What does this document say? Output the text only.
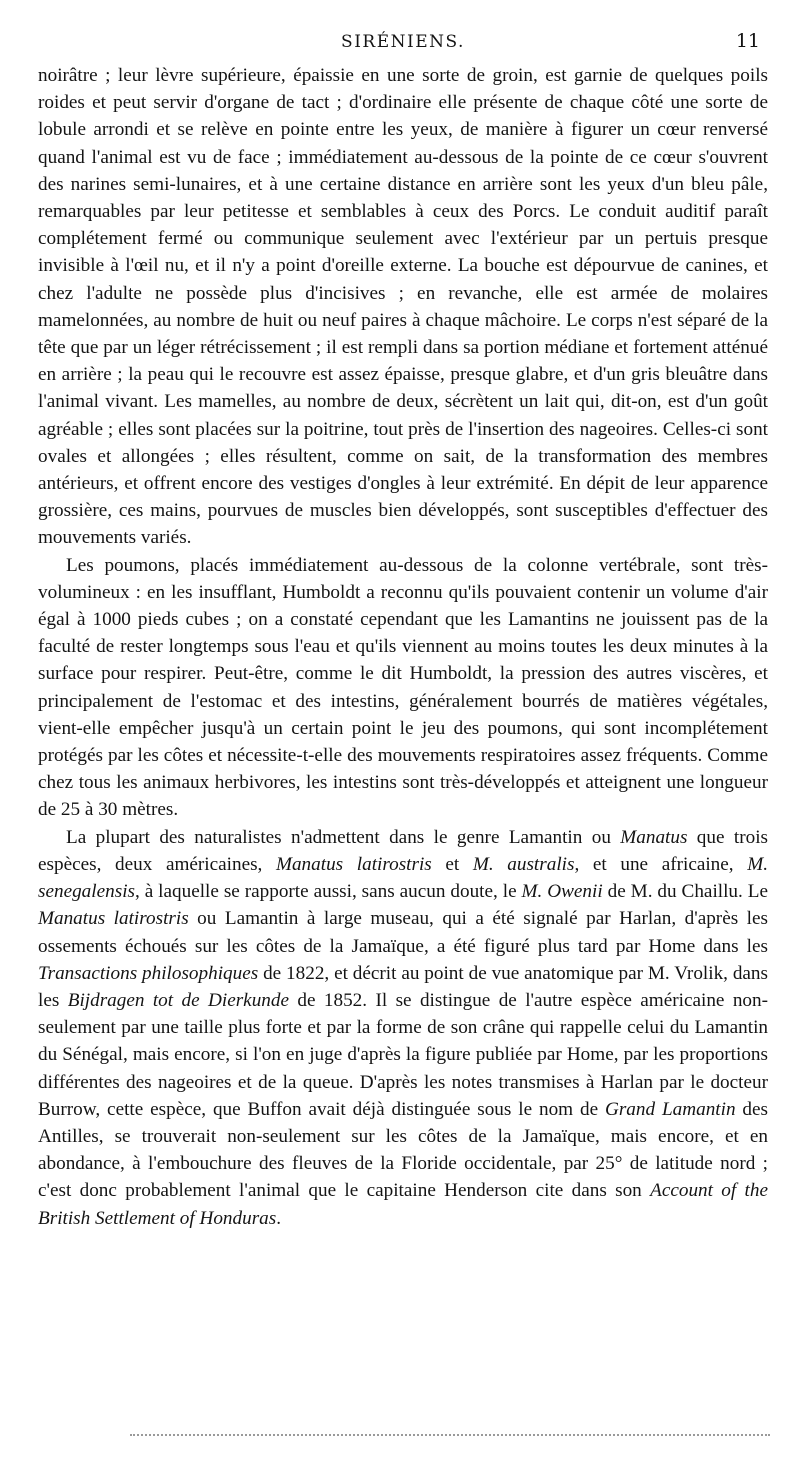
SIRÉNIENS.	11

noirâtre ; leur lèvre supérieure, épaissie en une sorte de groin, est garnie de quelques poils roides et peut servir d'organe de tact ; d'ordinaire elle présente de chaque côté une sorte de lobule arrondi et se relève en pointe entre les yeux, de manière à figurer un cœur renversé quand l'animal est vu de face ; immédiatement au-dessous de la pointe de ce cœur s'ouvrent des narines semi-lunaires, et à une certaine distance en arrière sont les yeux d'un bleu pâle, remarquables par leur petitesse et semblables à ceux des Porcs. Le conduit auditif paraît complétement fermé ou communique seulement avec l'extérieur par un pertuis presque invisible à l'œil nu, et il n'y a point d'oreille externe. La bouche est dépourvue de canines, et chez l'adulte ne possède plus d'incisives ; en revanche, elle est armée de molaires mamelonnées, au nombre de huit ou neuf paires à chaque mâchoire. Le corps n'est séparé de la tête que par un léger rétrécissement ; il est rempli dans sa portion médiane et fortement atténué en arrière ; la peau qui le recouvre est assez épaisse, presque glabre, et d'un gris bleuâtre dans l'animal vivant. Les mamelles, au nombre de deux, sécrètent un lait qui, dit-on, est d'un goût agréable ; elles sont placées sur la poitrine, tout près de l'insertion des nageoires. Celles-ci sont ovales et allongées ; elles résultent, comme on sait, de la transformation des membres antérieurs, et offrent encore des vestiges d'ongles à leur extrémité. En dépit de leur apparence grossière, ces mains, pourvues de muscles bien développés, sont susceptibles d'effectuer des mouvements variés.

Les poumons, placés immédiatement au-dessous de la colonne vertébrale, sont très-volumineux : en les insufflant, Humboldt a reconnu qu'ils pouvaient contenir un volume d'air égal à 1000 pieds cubes ; on a constaté cependant que les Lamantins ne jouissent pas de la faculté de rester longtemps sous l'eau et qu'ils viennent au moins toutes les deux minutes à la surface pour respirer. Peut-être, comme le dit Humboldt, la pression des autres viscères, et principalement de l'estomac et des intestins, généralement bourrés de matières végétales, vient-elle empêcher jusqu'à un certain point le jeu des poumons, qui sont incomplétement protégés par les côtes et nécessite-t-elle des mouvements respiratoires assez fréquents. Comme chez tous les animaux herbivores, les intestins sont très-développés et atteignent une longueur de 25 à 30 mètres.

La plupart des naturalistes n'admettent dans le genre Lamantin ou Manatus que trois espèces, deux américaines, Manatus latirostris et M. australis, et une africaine, M. senegalensis, à laquelle se rapporte aussi, sans aucun doute, le M. Owenii de M. du Chaillu. Le Manatus latirostris ou Lamantin à large museau, qui a été signalé par Harlan, d'après les ossements échoués sur les côtes de la Jamaïque, a été figuré plus tard par Home dans les Transactions philosophiques de 1822, et décrit au point de vue anatomique par M. Vrolik, dans les Bijdragen tot de Dierkunde de 1852. Il se distingue de l'autre espèce américaine non-seulement par une taille plus forte et par la forme de son crâne qui rappelle celui du Lamantin du Sénégal, mais encore, si l'on en juge d'après la figure publiée par Home, par les proportions différentes des nageoires et de la queue. D'après les notes transmises à Harlan par le docteur Burrow, cette espèce, que Buffon avait déjà distinguée sous le nom de Grand Lamantin des Antilles, se trouverait non-seulement sur les côtes de la Jamaïque, mais encore, et en abondance, à l'embouchure des fleuves de la Floride occidentale, par 25° de latitude nord ; c'est donc probablement l'animal que le capitaine Henderson cite dans son Account of the British Settlement of Honduras.
